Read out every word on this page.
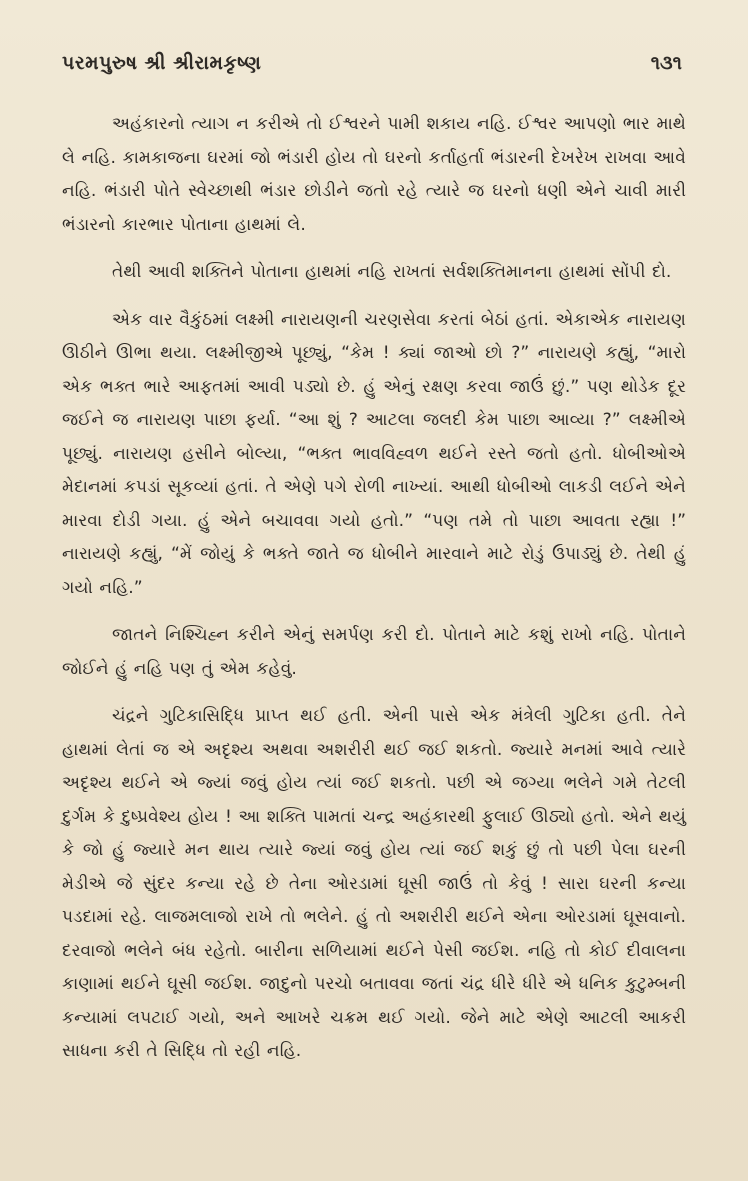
પરમપુરુષ શ્રી શ્રીરામકૃષ્ણ	૧૩૧

અહંકારનો ત્યાગ ન કરીએ તો ઈશ્વરને પામી શકાય નહિ. ઈશ્વર આપણો ભાર માથે લે નહિ. કામકાજના ઘરમાં જો ભંડારી હોય તો ઘરનો કર્તાહર્તા ભંડારની દેખરેખ રાખવા આવે નહિ. ભંડારી પોતે સ્વેચ્છાથી ભંડાર છોડીને જતો રહે ત્યારે જ ઘરનો ધણી એને ચાવી મારી ભંડારનો કારભાર પોતાના હાથમાં લે.

તેથી આવી શક્તિને પોતાના હાથમાં નહિ રાખતાં સર્વશક્તિમાનના હાથમાં સોંપી દો.

એક વાર વૈકુંઠમાં લક્ષ્મી નારાયણની ચરણસેવા કરતાં બેઠાં હતાં. એકાએક નારાયણ ઊઠીને ઊભા થયા. લક્ષ્મીજીએ પૂછ્યું, “કેમ ! ક્યાં જાઓ છો ?” નારાયણે કહ્યું, “મારો એક ભક્ત ભારે આફતમાં આવી પડ્યો છે. હું એનું રક્ષણ કરવા જાઉં છું.” પણ થોડેક દૂર જઈને જ નારાયણ પાછા ફર્યા. “આ શું ? આટલા જલદી કેમ પાછા આવ્યા ?” લક્ષ્મીએ પૂછ્યું. નારાયણ હસીને બોલ્યા, “ભક્ત ભાવવિહ્વળ થઈને રસ્તે જતો હતો. ધોબીઓએ મેદાનમાં કપડાં સૂકવ્યાં હતાં. તે એણે પગે રોળી નાખ્યાં. આથી ધોબીઓ લાકડી લઈને એને મારવા દોડી ગયા. હું એને બચાવવા ગયો હતો.” “પણ તમે તો પાછા આવતા રહ્યા !” નારાયણે કહ્યું, “મેં જોયું કે ભક્તે જાતે જ ધોબીને મારવાને માટે રોડું ઉપાડ્યું છે. તેથી હું ગયો નહિ.”

જાતને નિશ્ચિહ્ન કરીને એનું સમર્પણ કરી દો. પોતાને માટે કશું રાખો નહિ. પોતાને જોઈને હું નહિ પણ તું એમ કહેવું.

ચંદ્રને ગુટિકાસિદ્ધિ પ્રાપ્ત થઈ હતી. એની પાસે એક મંત્રેલી ગુટિકા હતી. તેને હાથમાં લેતાં જ એ અદૃશ્ય અથવા અશરીરી થઈ જઈ શકતો. જ્યારે મનમાં આવે ત્યારે અદૃશ્ય થઈને એ જ્યાં જવું હોય ત્યાં જઈ શકતો. પછી એ જગ્યા ભલેને ગમે તેટલી દુર્ગમ કે દુષ્પ્રવેશ્ય હોય ! આ શક્તિ પામતાં ચન્દ્ર અહંકારથી ફુલાઈ ઊઠ્યો હતો. એને થયું કે જો હું જ્યારે મન થાય ત્યારે જ્યાં જવું હોય ત્યાં જઈ શકું છું તો પછી પેલા ઘરની મેડીએ જે સુંદર કન્યા રહે છે તેના ઓરડામાં ઘૂસી જાઉં તો કેવું ! સારા ઘરની કન્યા પડદામાં રહે. લાજમલાજો રાખે તો ભલેને. હું તો અશરીરી થઈને એના ઓરડામાં ઘૂસવાનો. દરવાજો ભલેને બંધ રહેતો. બારીના સળિયામાં થઈને પેસી જઈશ. નહિ તો કોઈ દીવાલના કાણામાં થઈને ઘૂસી જઈશ. જાદુનો પરચો બતાવવા જતાં ચંદ્ર ધીરે ધીરે એ ધનિક કુટુમ્બની કન્યામાં લપટાઈ ગયો, અને આખરે ચક્રમ થઈ ગયો. જેને માટે એણે આટલી આકરી સાધના કરી તે સિદ્ધિ તો રહી નહિ.
